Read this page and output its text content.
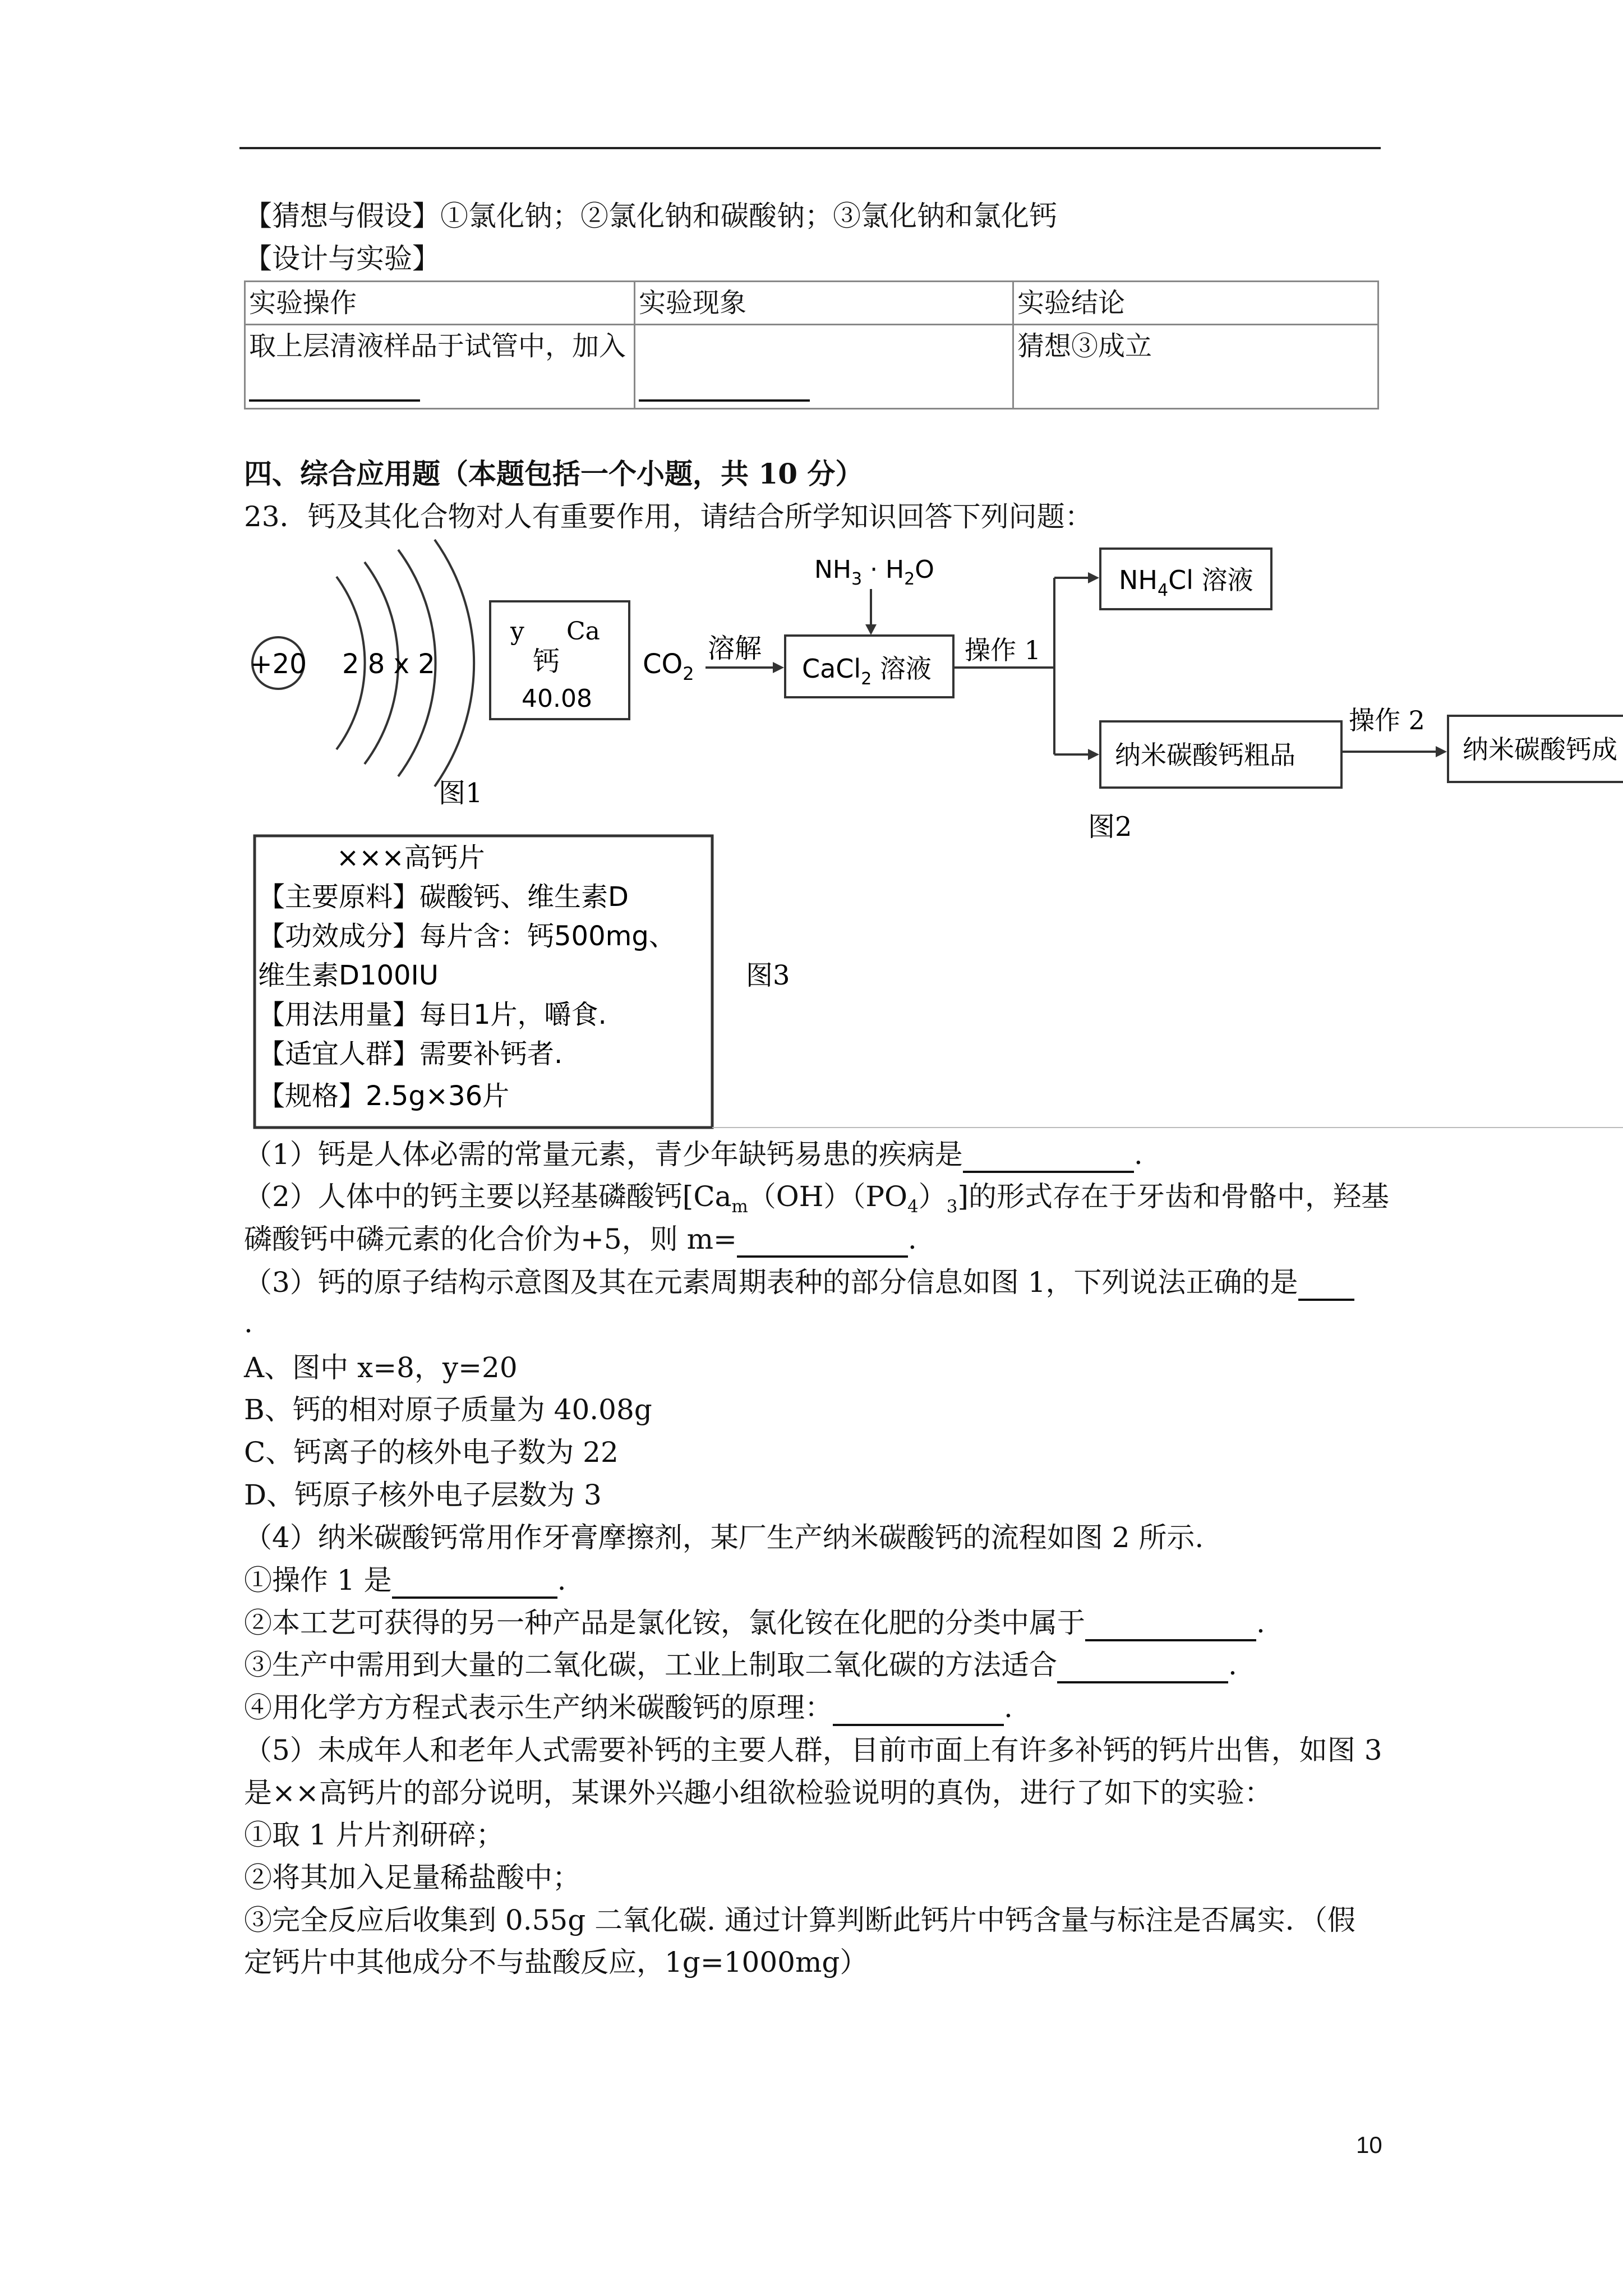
【猜想与假设】①氯化钠；②氯化钠和碳酸钠；③氯化钠和氯化钙
【设计与实验】
实验操作	实验现象	实验结论
取上层清液样品于试管中，加入		猜想③成立
四、综合应用题（本题包括一个小题，共 10 分）
23．钙及其化合物对人有重要作用，请结合所学知识回答下列问题：
+20 2 8 x 2
y Ca
钙
40.08
图1
$CO_2$
溶解
CaCl$_2$ 溶液
$NH_3 \cdot H_2O$
操作 1
$NH_4Cl$ 溶液
纳米碳酸钙粗品
操作 2
纳米碳酸钙成
图2
×××高钙片
【主要原料】碳酸钙、维生素D
【功效成分】每片含：钙500mg、
维生素D100IU
【用法用量】每日1片，嚼食.
【适宜人群】需要补钙者.
【规格】2.5g×36片
图3
（1）钙是人体必需的常量元素，青少年缺钙易患的疾病是	.
（2）人体中的钙主要以羟基磷酸钙$[Ca_m(OH)(PO_4)_3]$的形式存在于牙齿和骨骼中，羟基
磷酸钙中磷元素的化合价为+5，则 m=	.
（3）钙的原子结构示意图及其在元素周期表种的部分信息如图 1，下列说法正确的是
.
A、图中 x=8，y=20
B、钙的相对原子质量为 40.08g
C、钙离子的核外电子数为 22
D、钙原子核外电子层数为 3
（4）纳米碳酸钙常用作牙膏摩擦剂，某厂生产纳米碳酸钙的流程如图 2 所示.
①操作 1 是	.
②本工艺可获得的另一种产品是氯化铵，氯化铵在化肥的分类中属于	.
③生产中需用到大量的二氧化碳，工业上制取二氧化碳的方法适合	.
④用化学方方程式表示生产纳米碳酸钙的原理：	.
（5）未成年人和老年人式需要补钙的主要人群，目前市面上有许多补钙的钙片出售，如图 3
是××高钙片的部分说明，某课外兴趣小组欲检验说明的真伪，进行了如下的实验：
①取 1 片片剂研碎；
②将其加入足量稀盐酸中；
③完全反应后收集到 0.55g 二氧化碳. 通过计算判断此钙片中钙含量与标注是否属实．（假
定钙片中其他成分不与盐酸反应，1g=1000mg）
10
